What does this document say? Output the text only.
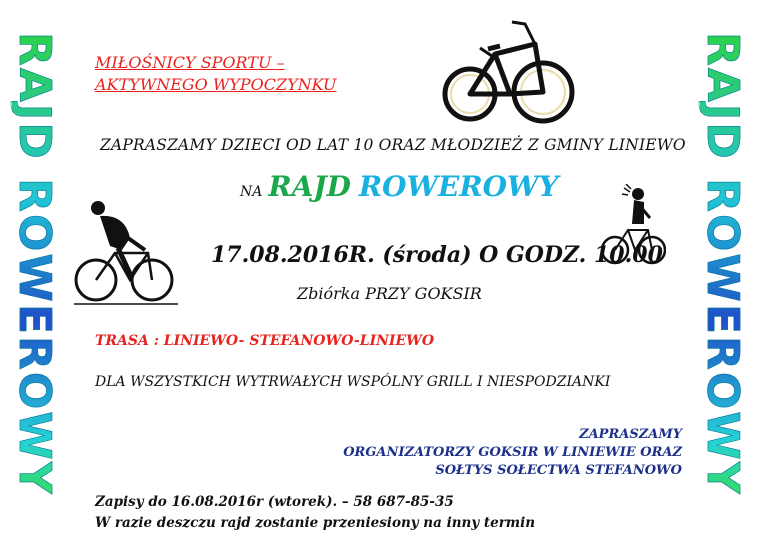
RAJD ROWEROWY	RAJD ROWEROWY
MIŁOŚNICY SPORTU –
AKTYWNEGO WYPOCZYNKU
ZAPRASZAMY DZIECI OD LAT 10 ORAZ MŁODZIEŻ Z GMINY LINIEWO
NA RAJD ROWEROWY
17.08.2016R. (środa) O GODZ. 10.00
Zbiórka PRZY GOKSIR
TRASA : LINIEWO- STEFANOWO-LINIEWO
DLA WSZYSTKICH WYTRWAŁYCH WSPÓLNY GRILL I NIESPODZIANKI
ZAPRASZAMY
ORGANIZATORZY GOKSIR W LINIEWIE ORAZ
SOŁTYS SOŁECTWA STEFANOWO
Zapisy do 16.08.2016r (wtorek). – 58 687-85-35
W razie deszczu rajd zostanie przeniesiony na inny termin
